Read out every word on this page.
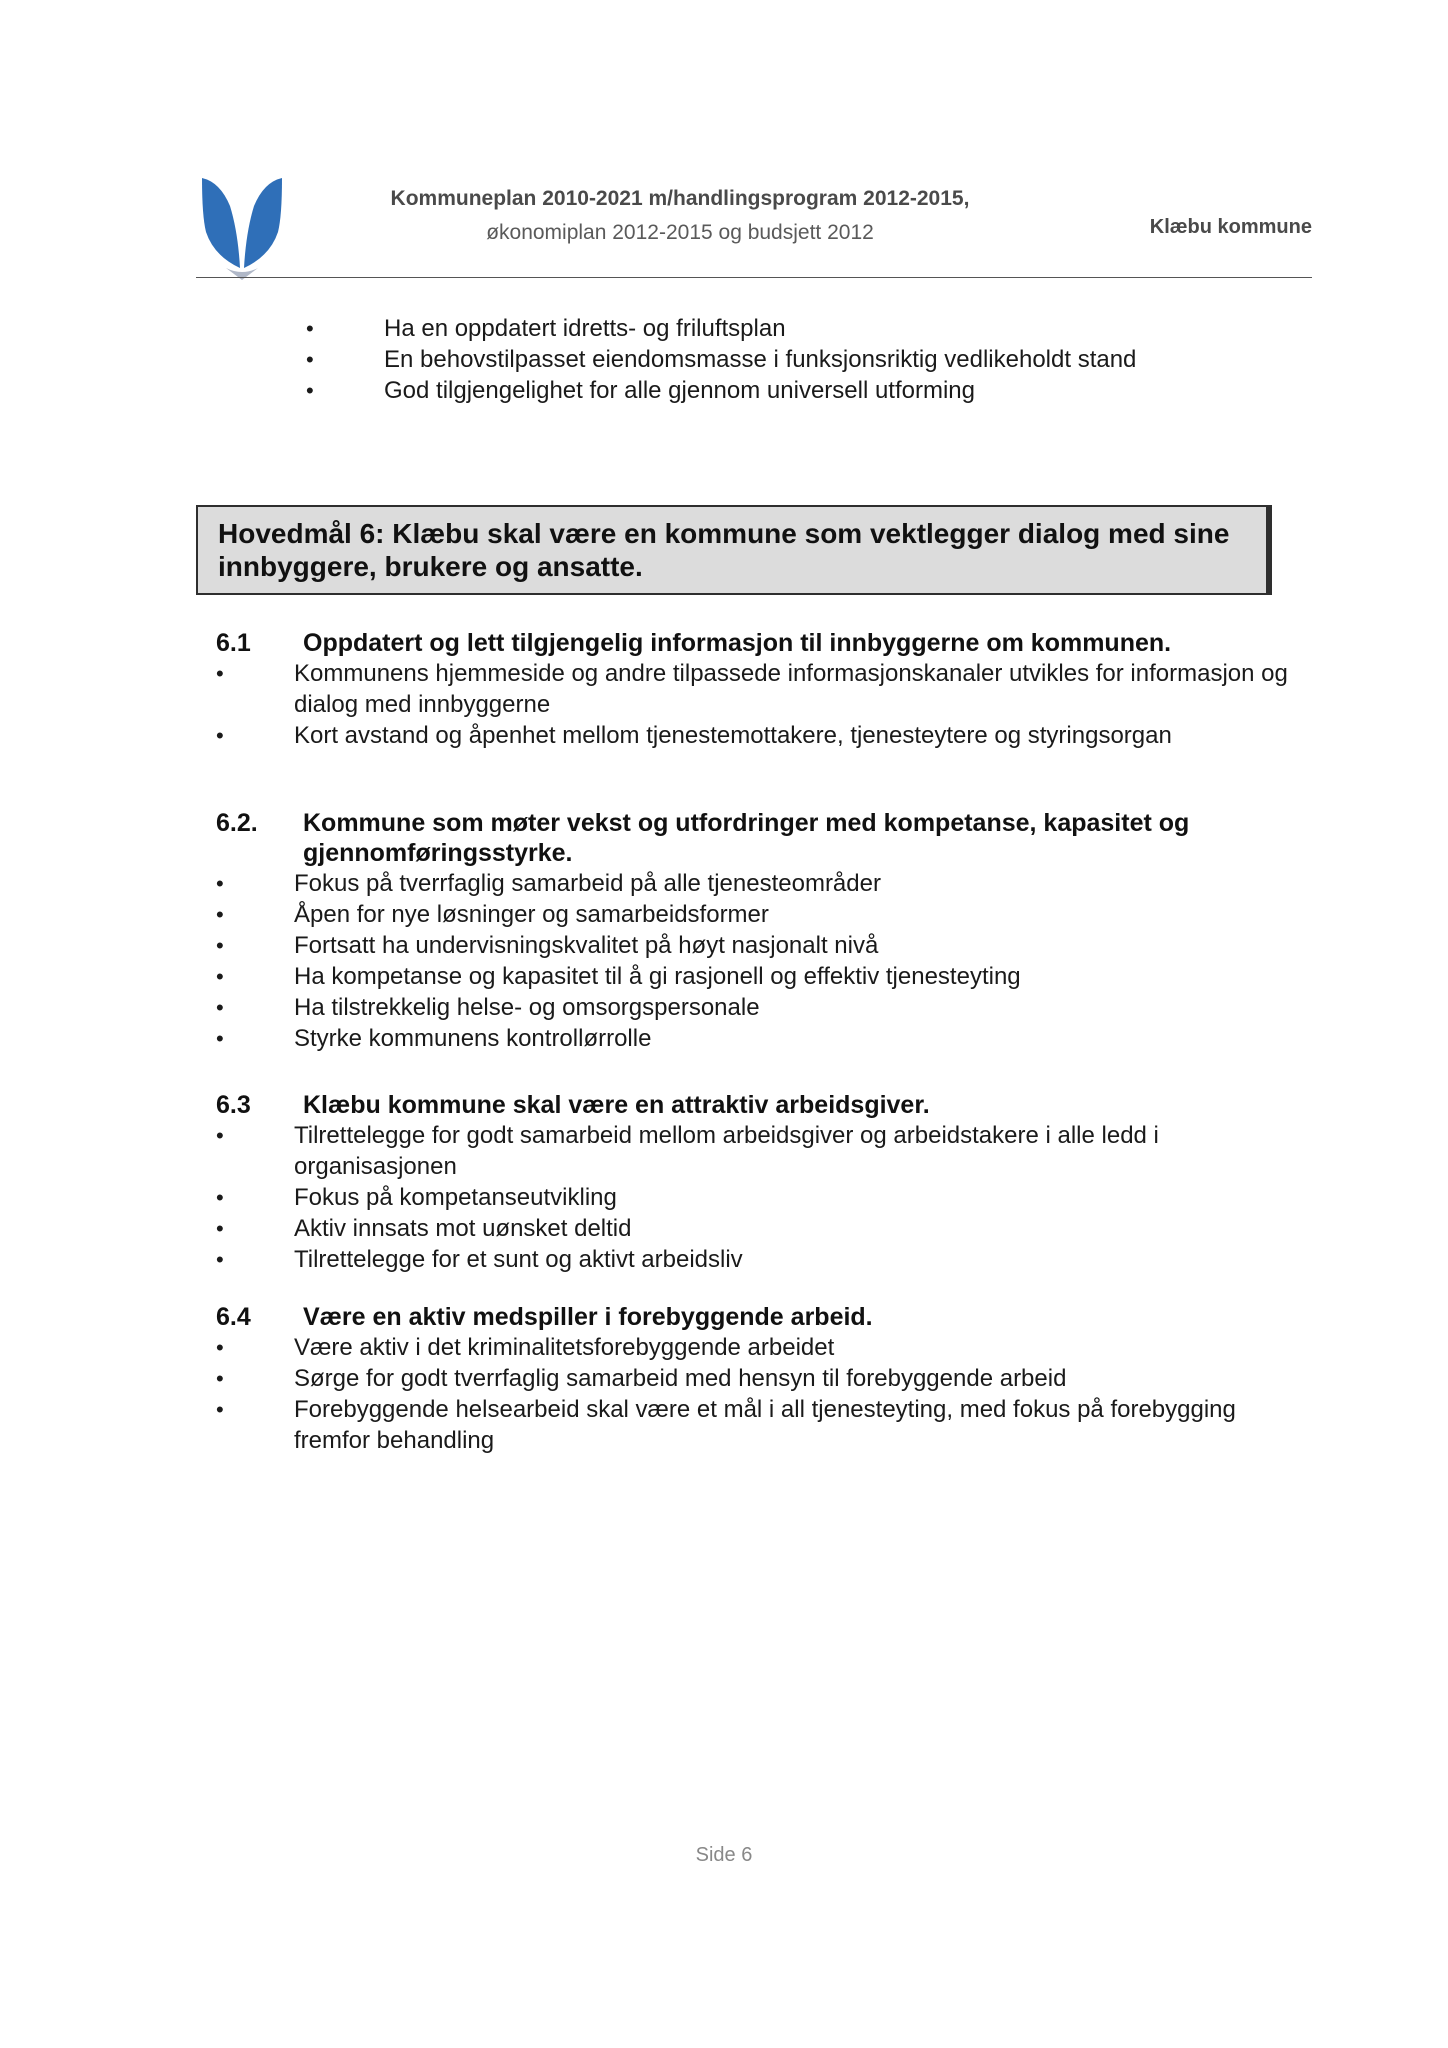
Kommuneplan 2010-2021 m/handlingsprogram 2012-2015,
økonomiplan 2012-2015 og budsjett 2012	Klæbu kommune
•	Ha en oppdatert idretts- og friluftsplan
•	En behovstilpasset eiendomsmasse i funksjonsriktig vedlikeholdt stand
•	God tilgjengelighet for alle gjennom universell utforming
Hovedmål 6: Klæbu skal være en kommune som vektlegger dialog med sine innbyggere, brukere og ansatte.
6.1 Oppdatert og lett tilgjengelig informasjon til innbyggerne om kommunen.
•	Kommunens hjemmeside og andre tilpassede informasjonskanaler utvikles for informasjon og dialog med innbyggerne
•	Kort avstand og åpenhet mellom tjenestemottakere, tjenesteytere og styringsorgan
6.2. Kommune som møter vekst og utfordringer med kompetanse, kapasitet og gjennomføringsstyrke.
•	Fokus på tverrfaglig samarbeid på alle tjenesteområder
•	Åpen for nye løsninger og samarbeidsformer
•	Fortsatt ha undervisningskvalitet på høyt nasjonalt nivå
•	Ha kompetanse og kapasitet til å gi rasjonell og effektiv tjenesteyting
•	Ha tilstrekkelig helse- og omsorgspersonale
•	Styrke kommunens kontrollørrolle
6.3 Klæbu kommune skal være en attraktiv arbeidsgiver.
•	Tilrettelegge for godt samarbeid mellom arbeidsgiver og arbeidstakere i alle ledd i organisasjonen
•	Fokus på kompetanseutvikling
•	Aktiv innsats mot uønsket deltid
•	Tilrettelegge for et sunt og aktivt arbeidsliv
6.4 Være en aktiv medspiller i forebyggende arbeid.
•	Være aktiv i det kriminalitetsforebyggende arbeidet
•	Sørge for godt tverrfaglig samarbeid med hensyn til forebyggende arbeid
•	Forebyggende helsearbeid skal være et mål i all tjenesteyting, med fokus på forebygging fremfor behandling
Side 6
